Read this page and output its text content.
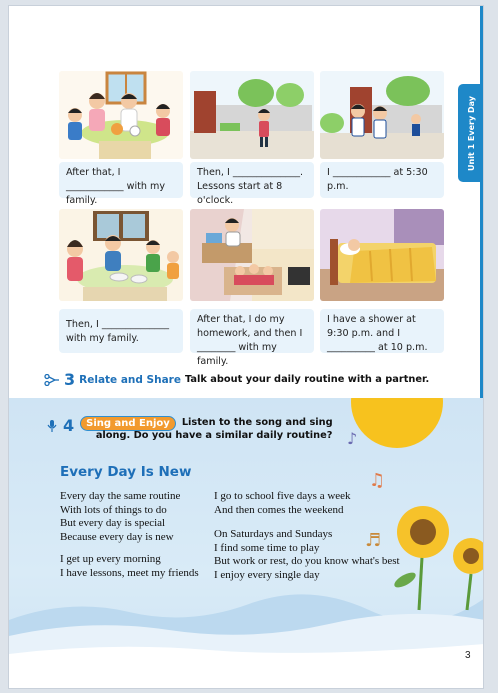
Unit 1 Every Day
After that, I ____________ with my family.
Then, I ______________. Lessons start at 8 o'clock.
I ____________ at 5:30 p.m.
Then, I ______________ with my family.
After that, I do my homework, and then I ________ with my family.
I have a shower at 9:30 p.m. and I __________ at 10 p.m.
3 Relate and Share Talk about your daily routine with a partner.
♪
♫
♬
4	Sing and Enjoy	Listen to the song and sing
along. Do you have a similar daily routine?
Every Day Is New
Every day the same routine
With lots of things to do
But every day is special
Because every day is new
I get up every morning
I have lessons, meet my friends
I go to school five days a week
And then comes the weekend
On Saturdays and Sundays
I find some time to play
But work or rest, do you know what's best
I enjoy every single day
3
